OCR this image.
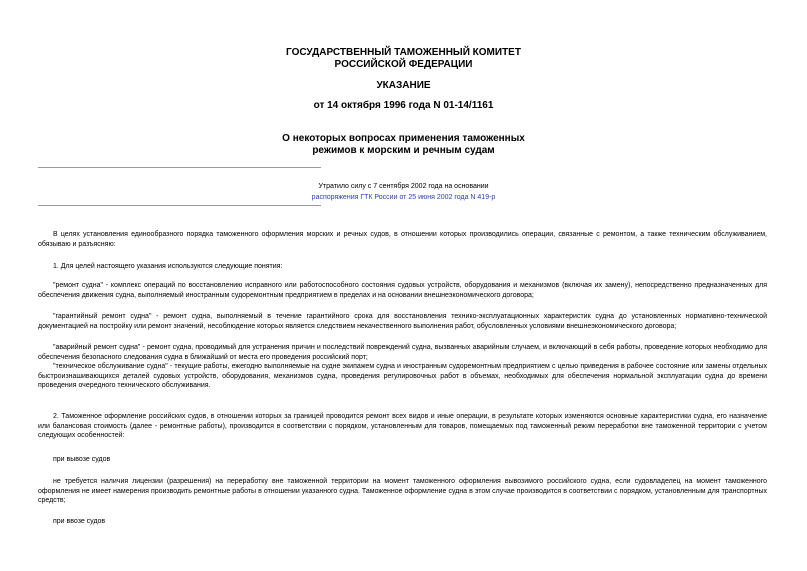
ГОСУДАРСТВЕННЫЙ ТАМОЖЕННЫЙ КОМИТЕТ
РОССИЙСКОЙ ФЕДЕРАЦИИ
УКАЗАНИЕ
от 14 октября 1996 года N 01-14/1161
О некоторых вопросах применения таможенных
режимов к морским и речным судам
Утратило силу с 7 сентября 2002 года на основании
распоряжения ГТК России от 25 июня 2002 года N 419-р
В целях установления единообразного порядка таможенного оформления морских и речных судов, в отношении которых производились операции, связанные с ремонтом, а также техническим обслуживанием, обязываю и разъясняю:
1. Для целей настоящего указания используются следующие понятия:
"ремонт судна" - комплекс операций по восстановлению исправного или работоспособного состояния судовых устройств, оборудования и механизмов (включая их замену), непосредственно предназначенных для обеспечения движения судна, выполняемый иностранным судоремонтным предприятием в пределах и на основании внешнеэкономического договора;
"гарантийный ремонт судна" - ремонт судна, выполняемый в течение гарантийного срока для восстановления технико-эксплуатационных характеристик судна до установленных нормативно-технической документацией на постройку или ремонт значений, несоблюдение которых является следствием некачественного выполнения работ, обусловленных условиями внешнеэкономического договора;
"аварийный ремонт судна" - ремонт судна, проводимый для устранения причин и последствий повреждений судна, вызванных аварийным случаем, и включающий в себя работы, проведение которых необходимо для обеспечения безопасного следования судна в ближайший от места его проведения российский порт;
"техническое обслуживание судна" - текущие работы, ежегодно выполняемые на судне экипажем судна и иностранным судоремонтным предприятием с целью приведения в рабочее состояние или замены отдельных быстроизнашивающихся деталей судовых устройств, оборудования, механизмов судна, проведения регулировочных работ в объемах, необходимых для обеспечения нормальной эксплуатации судна до времени проведения очередного технического обслуживания.
2. Таможенное оформление российских судов, в отношении которых за границей проводится ремонт всех видов и иные операции, в результате которых изменяются основные характеристики судна, его назначение или балансовая стоимость (далее - ремонтные работы), производится в соответствии с порядком, установленным для товаров, помещаемых под таможенный режим переработки вне таможенной территории с учетом следующих особенностей:
при вывозе судов
не требуется наличия лицензии (разрешения) на переработку вне таможенной территории на момент таможенного оформления вывозимого российского судна, если судовладелец на момент таможенного оформления не имеет намерения производить ремонтные работы в отношении указанного судна. Таможенное оформление судна в этом случае производится в соответствии с порядком, установленным для транспортных средств;
при ввозе судов
